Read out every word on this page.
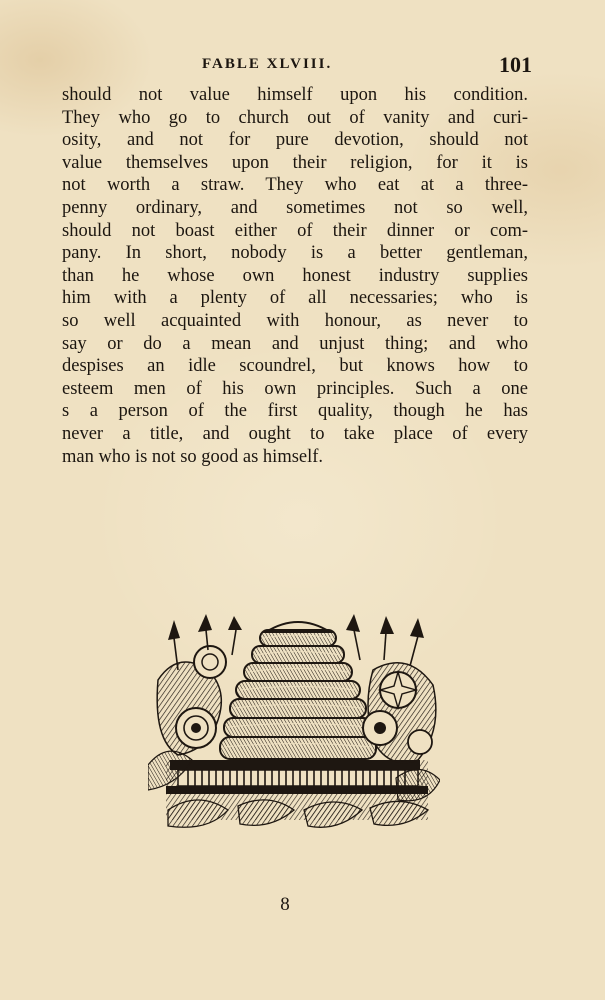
FABLE XLVIII.	101
should not value himself upon his condition.
They who go to church out of vanity and curi-
osity, and not for pure devotion, should not
value themselves upon their religion, for it is
not worth a straw. They who eat at a three-
penny ordinary, and sometimes not so well,
should not boast either of their dinner or com-
pany. In short, nobody is a better gentleman,
than he whose own honest industry supplies
him with a plenty of all necessaries; who is
so well acquainted with honour, as never to
say or do a mean and unjust thing; and who
despises an idle scoundrel, but knows how to
esteem men of his own principles. Such a one
s a person of the first quality, though he has
never a title, and ought to take place of every
man who is not so good as himself.
8
